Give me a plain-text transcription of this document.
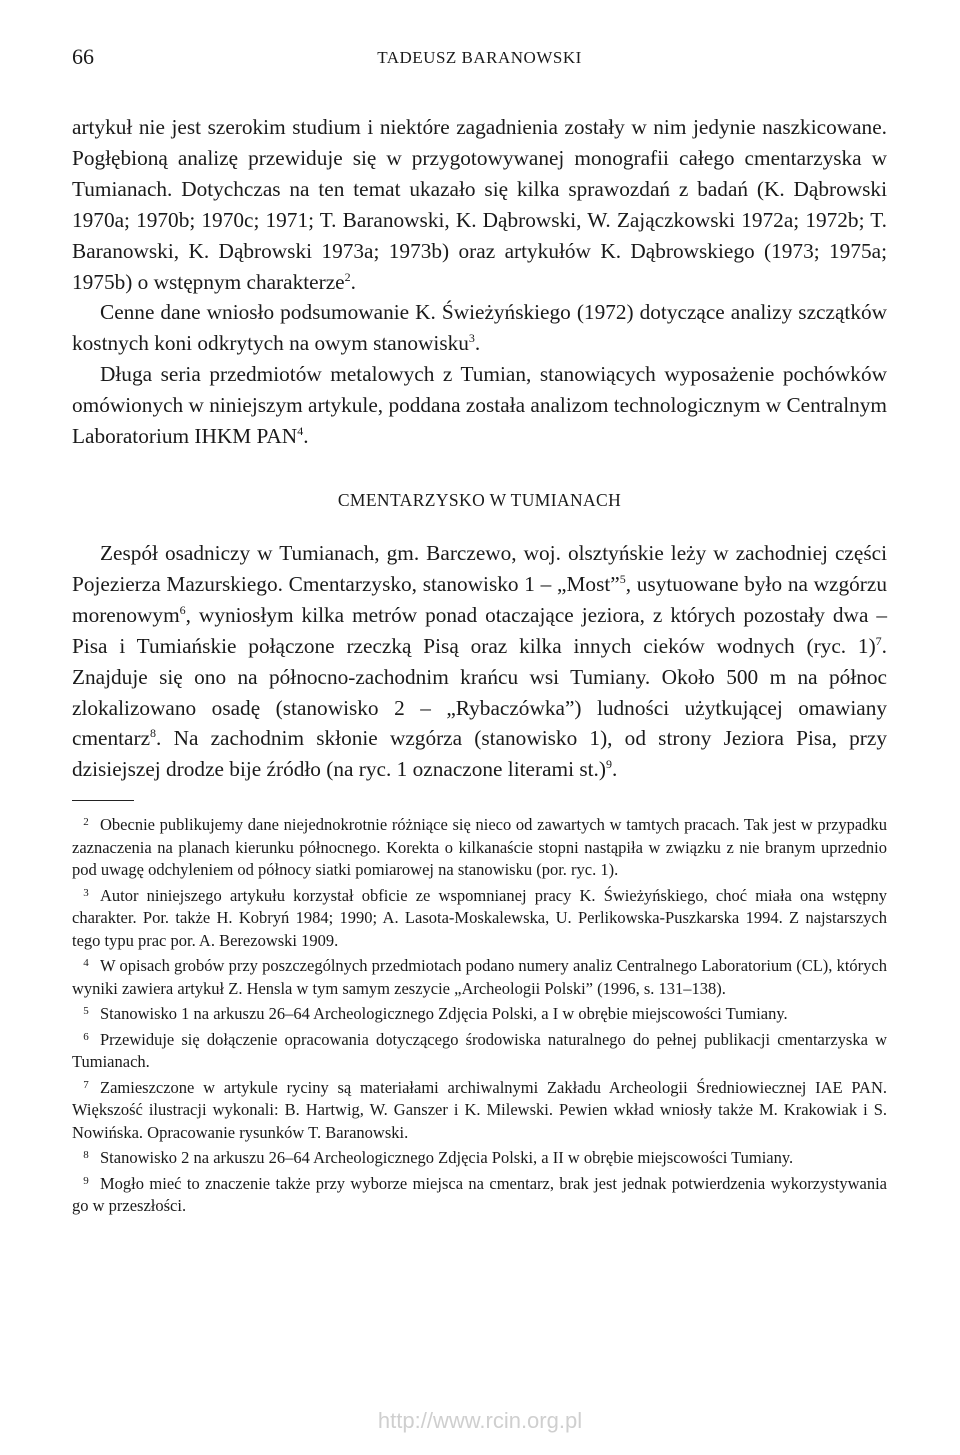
66	TADEUSZ BARANOWSKI

artykuł nie jest szerokim studium i niektóre zagadnienia zostały w nim jedynie naszkicowane. Pogłębioną analizę przewiduje się w przygotowywanej monografii całego cmentarzyska w Tumianach. Dotychczas na ten temat ukazało się kilka sprawozdań z badań (K. Dąbrowski 1970a; 1970b; 1970c; 1971; T. Baranowski, K. Dąbrowski, W. Zajączkowski 1972a; 1972b; T. Baranowski, K. Dąbrowski 1973a; 1973b) oraz artykułów K. Dąbrowskiego (1973; 1975a; 1975b) o wstępnym charakterze$^2$.

Cenne dane wniosło podsumowanie K. Świeżyńskiego (1972) dotyczące analizy szczątków kostnych koni odkrytych na owym stanowisku$^3$.

Długa seria przedmiotów metalowych z Tumian, stanowiących wyposażenie pochówków omówionych w niniejszym artykule, poddana została analizom technologicznym w Centralnym Laboratorium IHKM PAN$^4$.

CMENTARZYSKO W TUMIANACH

Zespół osadniczy w Tumianach, gm. Barczewo, woj. olsztyńskie leży w zachodniej części Pojezierza Mazurskiego. Cmentarzysko, stanowisko 1 – „Most”$^5$, usytuowane było na wzgórzu morenowym$^6$, wyniosłym kilka metrów ponad otaczające jeziora, z których pozostały dwa – Pisa i Tumiańskie połączone rzeczką Pisą oraz kilka innych cieków wodnych (ryc. 1)$^7$. Znajduje się ono na północno-zachodnim krańcu wsi Tumiany. Około 500 m na północ zlokalizowano osadę (stanowisko 2 – „Rybaczówka”) ludności użytkującej omawiany cmentarz$^8$. Na zachodnim skłonie wzgórza (stanowisko 1), od strony Jeziora Pisa, przy dzisiejszej drodze bije źródło (na ryc. 1 oznaczone literami st.)$^9$.

2 Obecnie publikujemy dane niejednokrotnie różniące się nieco od zawartych w tamtych pracach. Tak jest w przypadku zaznaczenia na planach kierunku północnego. Korekta o kilkanaście stopni nastąpiła w związku z nie branym uprzednio pod uwagę odchyleniem od północy siatki pomiarowej na stanowisku (por. ryc. 1).

3 Autor niniejszego artykułu korzystał obficie ze wspomnianej pracy K. Świeżyńskiego, choć miała ona wstępny charakter. Por. także H. Kobryń 1984; 1990; A. Lasota-Moskalewska, U. Perlikowska-Puszkarska 1994. Z najstarszych tego typu prac por. A. Berezowski 1909.

4 W opisach grobów przy poszczególnych przedmiotach podano numery analiz Centralnego Laboratorium (CL), których wyniki zawiera artykuł Z. Hensla w tym samym zeszycie „Archeologii Polski” (1996, s. 131–138).

5 Stanowisko 1 na arkuszu 26–64 Archeologicznego Zdjęcia Polski, a I w obrębie miejscowości Tumiany.

6 Przewiduje się dołączenie opracowania dotyczącego środowiska naturalnego do pełnej publikacji cmentarzyska w Tumianach.

7 Zamieszczone w artykule ryciny są materiałami archiwalnymi Zakładu Archeologii Średniowiecznej IAE PAN. Większość ilustracji wykonali: B. Hartwig, W. Ganszer i K. Milewski. Pewien wkład wniosły także M. Krakowiak i S. Nowińska. Opracowanie rysunków T. Baranowski.

8 Stanowisko 2 na arkuszu 26–64 Archeologicznego Zdjęcia Polski, a II w obrębie miejscowości Tumiany.

9 Mogło mieć to znaczenie także przy wyborze miejsca na cmentarz, brak jest jednak potwierdzenia wykorzystywania go w przeszłości.

http://www.rcin.org.pl
